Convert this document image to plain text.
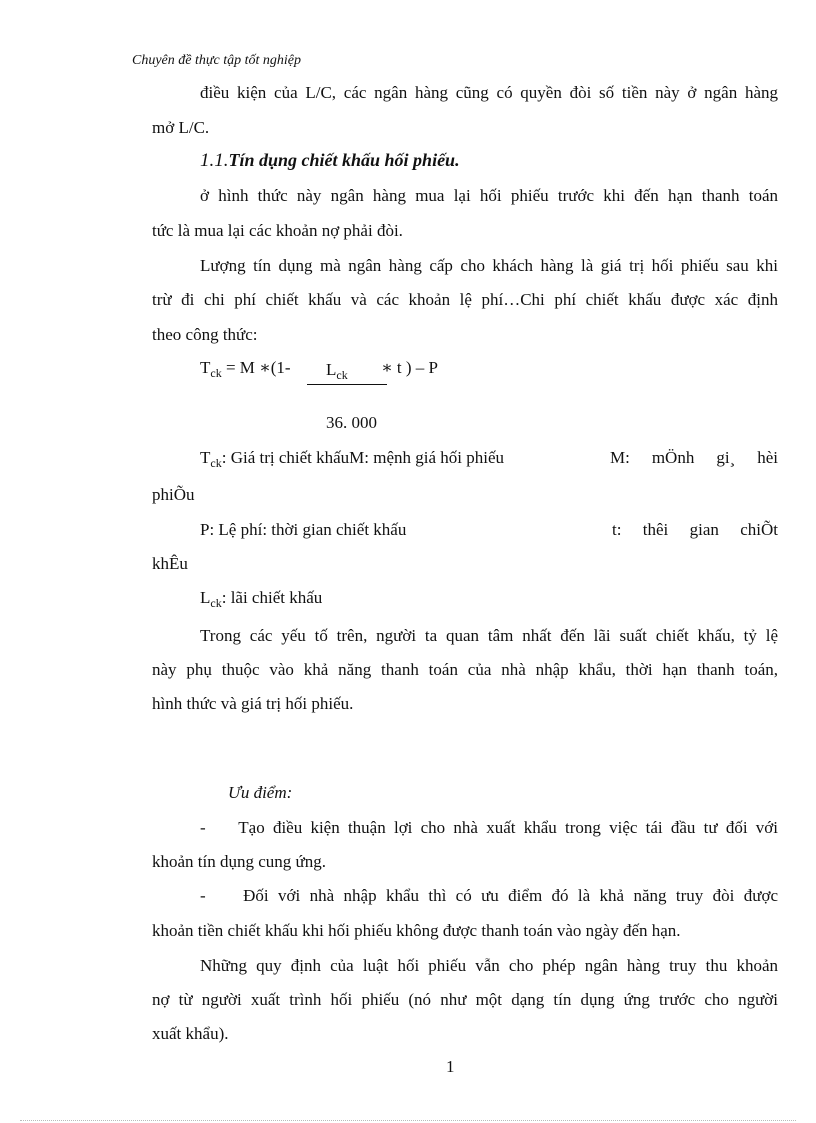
Chuyên đề thực tập tốt nghiệp
điều kiện của L/C, các ngân hàng cũng có quyền đòi số tiền này ở ngân hàng
mở L/C.
1.1.Tín dụng chiết khấu hối phiếu.
ở hình thức này ngân hàng mua lại hối phiếu trước khi đến hạn thanh toán
tức là mua lại các khoản nợ phải đòi.
Lượng tín dụng mà ngân hàng cấp cho khách hàng là giá trị hối phiếu sau khi
trừ đi chi phí chiết khấu và các khoản lệ phí…Chi phí chiết khấu được xác định
theo công thức:
$L_{ck}$
$T_{ck} = M$ ∗(1-	∗ t ) – P
36. 000
$T_{ck}$: Giá trị chiết khấuM: mệnh giá hối phiếu	M: mÖnh gi¸ hèi
phiÕu
P: Lệ phí: thời gian chiết khấu	t: thêi gian chiÕt
khÊu
$L_{ck}$: lãi chiết khấu
Trong các yếu tố trên, người ta quan tâm nhất đến lãi suất chiết khấu, tỷ lệ
này phụ thuộc vào khả năng thanh toán của nhà nhập khẩu, thời hạn thanh toán,
hình thức và giá trị hối phiếu.
Ưu điểm:
-    Tạo điều kiện thuận lợi cho nhà xuất khẩu trong việc tái đầu tư đối với
khoản tín dụng cung ứng.
-    Đối với nhà nhập khẩu thì có ưu điểm đó là khả năng truy đòi được
khoản tiền chiết khấu khi hối phiếu không được thanh toán vào ngày đến hạn.
Những quy định của luật hối phiếu vẫn cho phép ngân hàng truy thu khoản
nợ từ người xuất trình hối phiếu (nó như một dạng tín dụng ứng trước cho người
xuất khẩu).
1
